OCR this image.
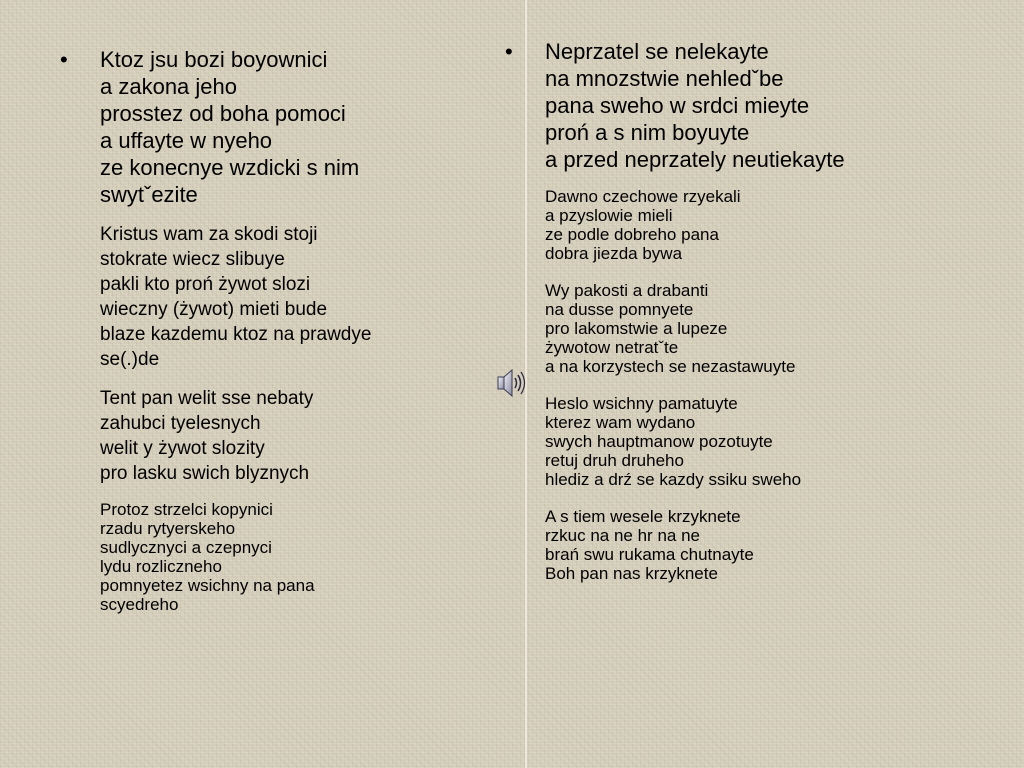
•	Ktoz jsu bozi boyownici
a zakona jeho
prosstez od boha pomoci
a uffayte w nyeho
ze konecnye wzdicki s nim
swytˇezite
Kristus wam za skodi stoji
stokrate wiecz slibuye
pakli kto proń żywot slozi
wieczny (żywot) mieti bude
blaze kazdemu ktoz na prawdye
se(.)de
Tent pan welit sse nebaty
zahubci tyelesnych
welit y żywot slozity
pro lasku swich blyznych
Protoz strzelci kopynici
rzadu rytyerskeho
sudlycznyci a czepnyci
lydu rozliczneho
pomnyetez wsichny na pana
scyedreho
•	Neprzatel se nelekayte
na mnozstwie nehledˇbe
pana sweho w srdci mieyte
proń a s nim boyuyte
a przed neprzately neutiekayte
Dawno czechowe rzyekali
a pzyslowie mieli
ze podle dobreho pana
dobra jiezda bywa
Wy pakosti a drabanti
na dusse pomnyete
pro lakomstwie a lupeze
żywotow netratˇte
a na korzystech se nezastawuyte
Heslo wsichny pamatuyte
kterez wam wydano
swych hauptmanow pozotuyte
retuj druh druheho
hlediz a drź se kazdy ssiku sweho
A s tiem wesele krzyknete
rzkuc na ne hr na ne
brań swu rukama chutnayte
Boh pan nas krzyknete
